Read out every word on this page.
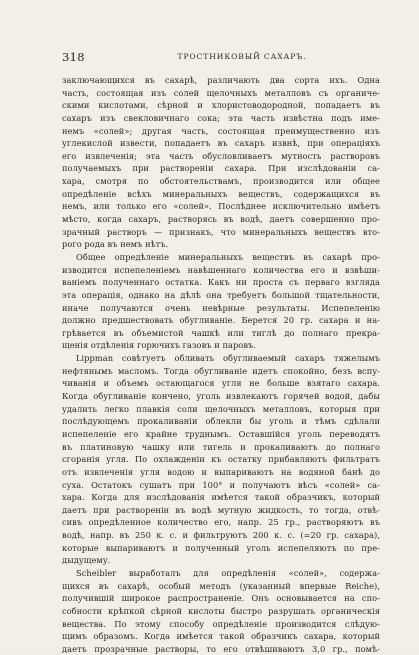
318	ТРОСТНИКОВЫЙ САХАРЪ.
заключающихся въ сахарѣ, различають два сорта ихъ. Одна
часть, состоящая изъ солей щелочныхъ металловъ съ органиче-
скими кислотами, сѣрной и хлористоводородной, попадаетъ въ
сахаръ изъ свекловичнаго сока; эта часть извѣстна подъ име-
немъ «солей»; другая часть, состоящая преимущественно изъ
углекислой извести, попадаетъ въ сахаръ извнѣ, при операціяхъ
его извлеченія; эта часть обусловливаетъ мутность растворовъ
получаемыхъ при раствореніи сахара. При изслѣдованіи са-
хара, смотря по обстоятельствамъ, производится или общее
опредѣленіе всѣхъ минеральныхъ веществъ, содержащихся въ
немъ, или только его «солей». Послѣднее исключительно имѣетъ
мѣсто, когда сахаръ, растворясь въ водѣ, даетъ совершенно про-
зрачный растворъ — признакъ, что минеральныхъ веществъ вто-
рого рода въ немъ нѣтъ.
Общее опредѣленіе минеральныхъ веществъ въ сахарѣ про-
изводится испепеленіемъ навѣшеннаго количества его и взвѣши-
ваніемъ полученнаго остатка. Какъ ни проста съ перваго взгляда
эта операція, однако на дѣлѣ она требуетъ большой тщательности,
иначе получаются очень невѣрные результаты. Испепеленію
должно предшествовать обугливаніе. Берется 20 гр. сахара и на-
грѣвается въ объемистой чашкѣ или тиглѣ до полнаго прекра-
щенія отдѣленія горючихъ газовъ и паровъ.
Lippman совѣтуетъ обливать обугливаемый сахаръ тяжелымъ
нефтянымъ масломъ. Тогда обугливаніе идетъ спокойно, безъ вспу-
чиванія и объемъ остающагося угля не больше взятаго сахара.
Когда обугливаніе кончено, уголь извлекаютъ горячей водой, дабы
удалить легко плавкія соли щелочныхъ металловъ, которыя при
послѣдующемъ прокаливаніи облекли бы уголь и тѣмъ сдѣлали
испепеленіе его крайне труднымъ. Оставшійся уголь переводятъ
въ платиновую чашку или тигель и прокаливаютъ до полнаго
сгоранія угля. По охлажденіи къ остатку прибавляютъ фильтратъ
отъ извлеченія угля водою и выпариваютъ на водяной банѣ до
суха. Остатокъ сушатъ при 100° и получаютъ вѣсъ «солей» са-
хара. Когда для изслѣдованія имѣется такой образчикъ, который
даетъ при растворенін въ водѣ мутную жидкость, то тогда, отвѣ-
сивъ опредѣленное количество его, напр. 25 гр., растворяютъ въ
водѣ, напр. въ 250 к. с. и фильтруютъ 200 к. с. (=20 гр. сахара),
которые выпариваютъ и полученный уголь испепеляютъ по пре-
дыдущему.
Scheibler выработалъ для опредѣленія «солей», содержа-
щихся въ сахарѣ, особый методъ (указанный впервые Reiche),
получившій широкое распространеніе. Онъ основывается на спо-
собности крѣпкой сѣрной кислоты быстро разрушать органическія
вещества. По этому способу опредѣленіе производится слѣдую-
щимъ образомъ. Когда имѣется такой образчикъ сахара, который
даетъ прозрачные растворы, то его отвѣшиваютъ 3,0 гр., помѣ-
